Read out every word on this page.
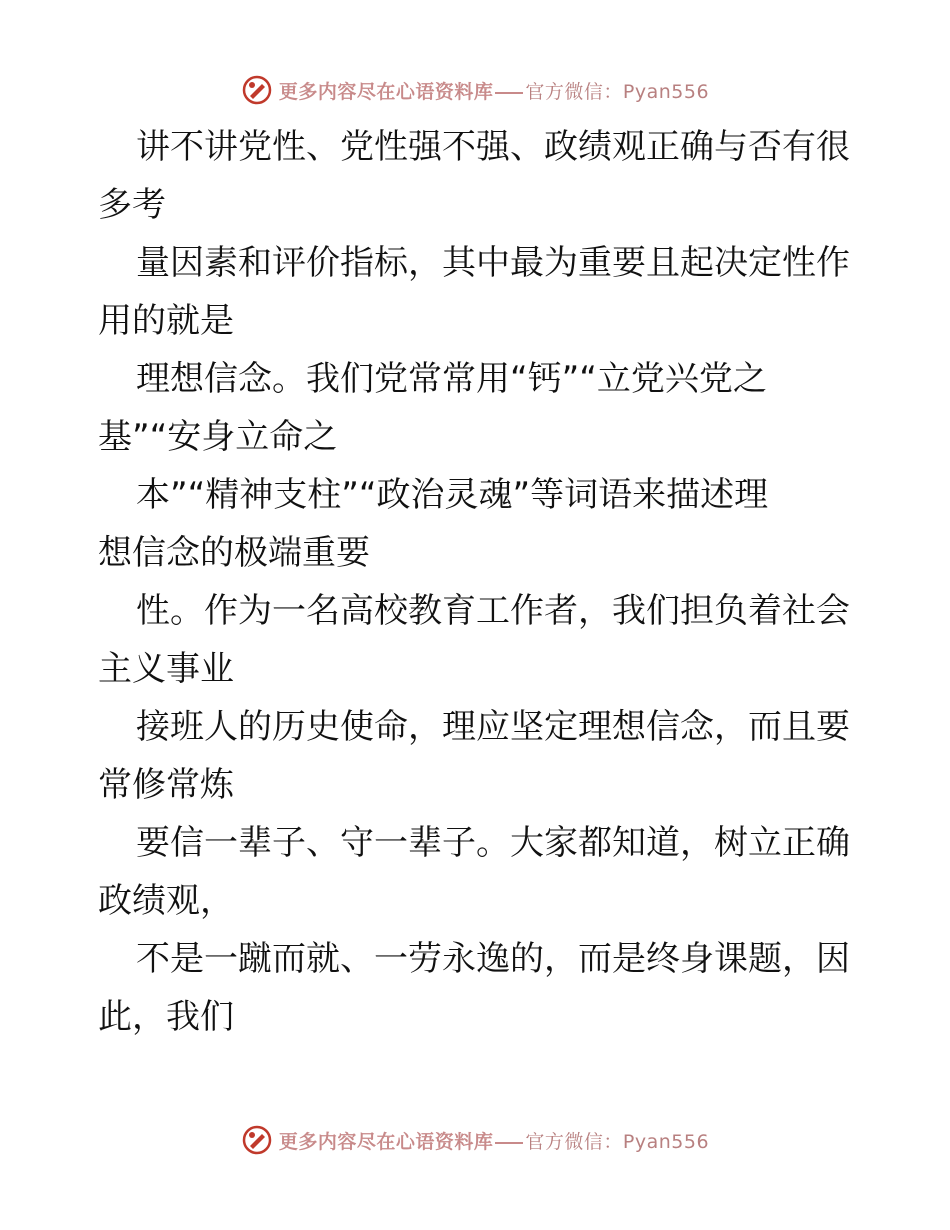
更多内容尽在心语资料库 官方微信：Pyan556

讲不讲党性、党性强不强、政绩观正确与否有很
多考

量因素和评价指标，其中最为重要且起决定性作
用的就是

理想信念。我们党常常用“钙”“立党兴党之
基”“安身立命之

本”“精神支柱”“政治灵魂”等词语来描述理
想信念的极端重要

性。作为一名高校教育工作者，我们担负着社会
主义事业

接班人的历史使命，理应坚定理想信念，而且要
常修常炼

要信一辈子、守一辈子。大家都知道，树立正确
政绩观，

不是一蹴而就、一劳永逸的，而是终身课题，因
此，我们

更多内容尽在心语资料库 官方微信：Pyan556
